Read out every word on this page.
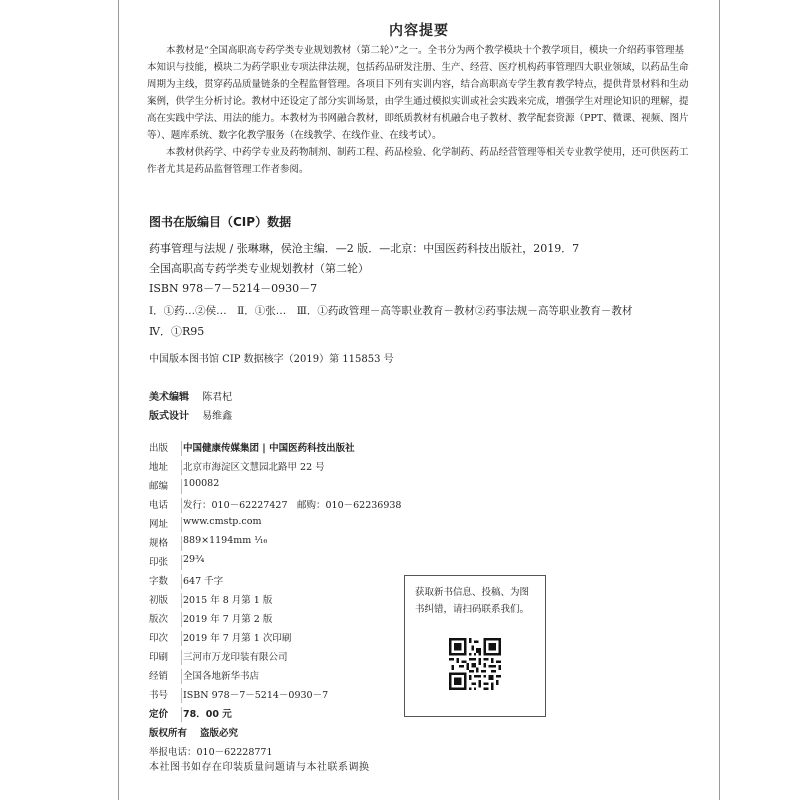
内容提要

本教材是“全国高职高专药学类专业规划教材（第二轮）”之一。全书分为两个教学模块十个教学项目，模块一介绍药事管理基本知识与技能，模块二为药学职业专项法律法规，包括药品研发注册、生产、经营、医疗机构药事管理四大职业领域，以药品生命周期为主线，贯穿药品质量链条的全程监督管理。各项目下列有实训内容，结合高职高专学生教育教学特点，提供背景材料和生动案例，供学生分析讨论。教材中还设定了部分实训场景，由学生通过模拟实训或社会实践来完成，增强学生对理论知识的理解，提高在实践中学法、用法的能力。本教材为书网融合教材，即纸质教材有机融合电子教材、教学配套资源（PPT、微课、视频、图片等）、题库系统、数字化教学服务（在线教学、在线作业、在线考试）。

本教材供药学、中药学专业及药物制剂、制药工程、药品检验、化学制药、药品经营管理等相关专业教学使用，还可供医药工作者尤其是药品监督管理工作者参阅。

图书在版编目（CIP）数据
药事管理与法规 / 张琳琳，侯沧主编．—2 版．—北京：中国医药科技出版社，2019．7
全国高职高专药学类专业规划教材（第二轮）
ISBN 978－7－5214－0930－7
Ⅰ．①药…②侯…　Ⅱ．①张…　Ⅲ．①药政管理－高等职业教育－教材②药事法规－高等职业教育－教材
Ⅳ．①R95
中国版本图书馆 CIP 数据核字（2019）第 115853 号
美术编辑 陈君杞
版式设计 易维鑫
出版	中国健康传媒集团 | 中国医药科技出版社
地址	北京市海淀区文慧园北路甲 22 号
邮编	100082
电话	发行：010－62227427　邮购：010－62236938
网址	www.cmstp.com
规格	889×1194mm ¹⁄₁₆
印张	29¾
字数	647 千字
初版	2015 年 8 月第 1 版
版次	2019 年 7 月第 2 版
印次	2019 年 7 月第 1 次印刷
印刷	三河市万龙印装有限公司
经销	全国各地新华书店
书号	ISBN 978－7－5214－0930－7
定价	78．00 元
版权所有 盗版必究
举报电话：010－62228771
获取新书信息、投稿、为图书纠错，请扫码联系我们。
本社图书如存在印装质量问题请与本社联系调换
